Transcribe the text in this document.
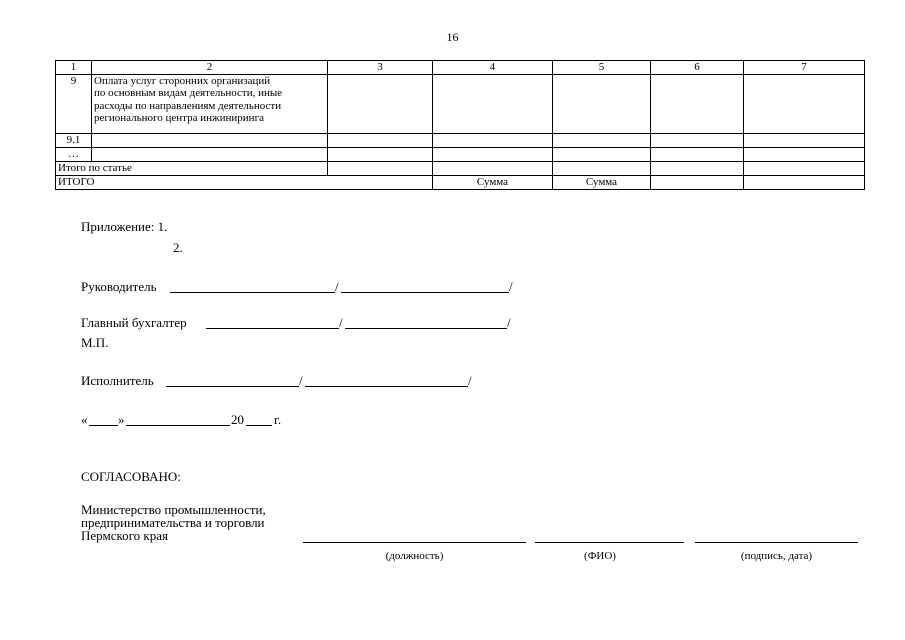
16
1	2	3	4	5	6	7
9	Оплата услуг сторонних организаций
по основным видам деятельности, иные
расходы по направлениям деятельности
регионального центра инжиниринга					

9.1						
…						
Итого по статье						
ИТОГО			Сумма	Сумма		
Приложение: 1.
2.
Руководитель	/	/
Главный бухгалтер	/	/
М.П.
Исполнитель	/	/
« »	20 г.
СОГЛАСОВАНО:
Министерство промышленности,
предпринимательства и торговли
Пермского края
(должность)	(ФИО)	(подпись, дата)
